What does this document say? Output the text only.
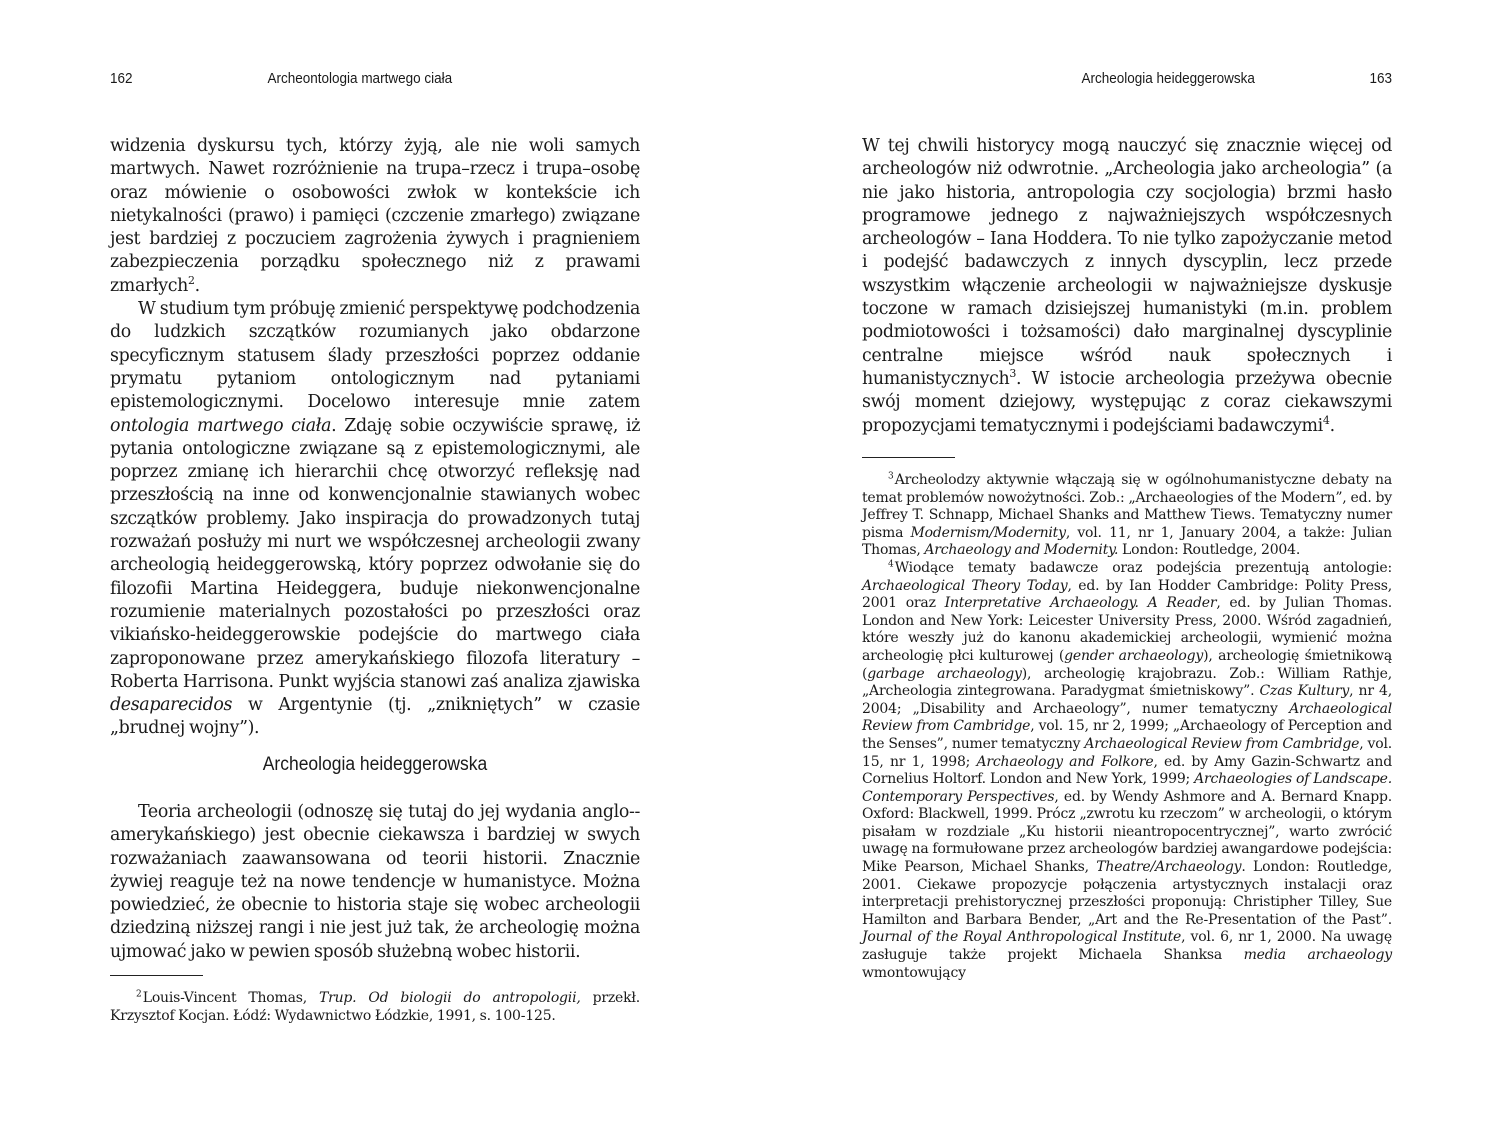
162	Archeontologia martwego ciała

widzenia dyskursu tych, którzy żyją, ale nie woli samych martwych. Nawet rozróżnienie na trupa–rzecz i trupa–osobę oraz mówienie o osobowości zwłok w kontekście ich nietykalności (prawo) i pamięci (czczenie zmarłego) związane jest bardziej z poczuciem zagrożenia żywych i pragnieniem zabezpieczenia porządku społecznego niż z prawami zmarłych$^2$.

W studium tym próbuję zmienić perspektywę podchodzenia do ludzkich szczątków rozumianych jako obdarzone specyficznym statusem ślady przeszłości poprzez oddanie prymatu pytaniom ontologicznym nad pytaniami epistemologicznymi. Docelowo interesuje mnie zatem ontologia martwego ciała. Zdaję sobie oczywiście sprawę, iż pytania ontologiczne związane są z epistemologicznymi, ale poprzez zmianę ich hierarchii chcę otworzyć refleksję nad przeszłością na inne od konwencjonalnie stawianych wobec szczątków problemy. Jako inspiracja do prowadzonych tutaj rozważań posłuży mi nurt we współczesnej archeologii zwany archeologią heideggerowską, który poprzez odwołanie się do filozofii Martina Heideggera, buduje niekonwencjonalne rozumienie materialnych pozostałości po przeszłości oraz vikiańsko-heideggerowskie podejście do martwego ciała zaproponowane przez amerykańskiego filozofa literatury – Roberta Harrisona. Punkt wyjścia stanowi zaś analiza zjawiska desaparecidos w Argentynie (tj. „znikniętych” w czasie „brudnej wojny”).

Archeologia heideggerowska

Teoria archeologii (odnoszę się tutaj do jej wydania anglo--amerykańskiego) jest obecnie ciekawsza i bardziej w swych rozważaniach zaawansowana od teorii historii. Znacznie żywiej reaguje też na nowe tendencje w humanistyce. Można powiedzieć, że obecnie to historia staje się wobec archeologii dziedziną niższej rangi i nie jest już tak, że archeologię można ujmować jako w pewien sposób służebną wobec historii.

$^2$ Louis-Vincent Thomas, Trup. Od biologii do antropologii, przekł. Krzysztof Kocjan. Łódź: Wydawnictwo Łódzkie, 1991, s. 100-125.

Archeologia heideggerowska	163

W tej chwili historycy mogą nauczyć się znacznie więcej od archeologów niż odwrotnie. „Archeologia jako archeologia” (a nie jako historia, antropologia czy socjologia) brzmi hasło programowe jednego z najważniejszych współczesnych archeologów – Iana Hoddera. To nie tylko zapożyczanie metod i podejść badawczych z innych dyscyplin, lecz przede wszystkim włączenie archeologii w najważniejsze dyskusje toczone w ramach dzisiejszej humanistyki (m.in. problem podmiotowości i tożsamości) dało marginalnej dyscyplinie centralne miejsce wśród nauk społecznych i humanistycznych$^3$. W istocie archeologia przeżywa obecnie swój moment dziejowy, występując z coraz ciekawszymi propozycjami tematycznymi i podejściami badawczymi$^4$.

$^3$ Archeolodzy aktywnie włączają się w ogólnohumanistyczne debaty na temat problemów nowożytności. Zob.: „Archaeologies of the Modern”, ed. by Jeffrey T. Schnapp, Michael Shanks and Matthew Tiews. Tematyczny numer pisma Modernism/Modernity, vol. 11, nr 1, January 2004, a także: Julian Thomas, Archaeology and Modernity. London: Routledge, 2004.

$^4$ Wiodące tematy badawcze oraz podejścia prezentują antologie: Archaeological Theory Today, ed. by Ian Hodder Cambridge: Polity Press, 2001 oraz Interpretative Archaeology. A Reader, ed. by Julian Thomas. London and New York: Leicester University Press, 2000. Wśród zagadnień, które weszły już do kanonu akademickiej archeologii, wymienić można archeologię płci kulturowej (gender archaeology), archeologię śmietnikową (garbage archaeology), archeologię krajobrazu. Zob.: William Rathje, „Archeologia zintegrowana. Paradygmat śmietniskowy”. Czas Kultury, nr 4, 2004; „Disability and Archaeology”, numer tematyczny Archaeological Review from Cambridge, vol. 15, nr 2, 1999; „Archaeology of Perception and the Senses”, numer tematyczny Archaeological Review from Cambridge, vol. 15, nr 1, 1998; Archaeology and Folkore, ed. by Amy Gazin-Schwartz and Cornelius Holtorf. London and New York, 1999; Archaeologies of Landscape. Contemporary Perspectives, ed. by Wendy Ashmore and A. Bernard Knapp. Oxford: Blackwell, 1999. Prócz „zwrotu ku rzeczom” w archeologii, o którym pisałam w rozdziale „Ku historii nieantropocentrycznej”, warto zwrócić uwagę na formułowane przez archeologów bardziej awangardowe podejścia: Mike Pearson, Michael Shanks, Theatre/Archaeology. London: Routledge, 2001. Ciekawe propozycje połączenia artystycznych instalacji oraz interpretacji prehistorycznej przeszłości proponują: Christipher Tilley, Sue Hamilton and Barbara Bender, „Art and the Re-Presentation of the Past”. Journal of the Royal Anthropological Institute, vol. 6, nr 1, 2000. Na uwagę zasługuje także projekt Michaela Shanksa media archaeology wmontowujący
